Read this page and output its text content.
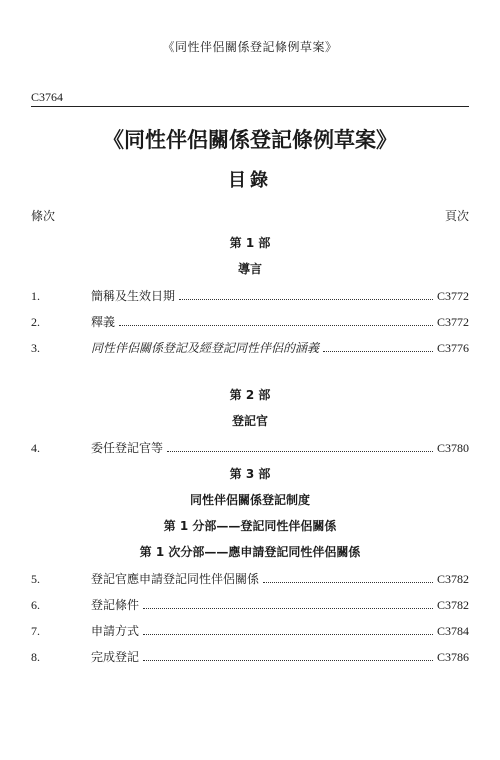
《同性伴侶關係登記條例草案》
C3764
《同性伴侶關係登記條例草案》
目錄
條次	頁次
第 1 部
導言
1.	簡稱及生效日期	C3772
2.	釋義	C3772
3.	同性伴侶關係登記及經登記同性伴侶的涵義	C3776
第 2 部
登記官
4.	委任登記官等	C3780
第 3 部
同性伴侶關係登記制度
第 1 分部——登記同性伴侶關係
第 1 次分部——應申請登記同性伴侶關係
5.	登記官應申請登記同性伴侶關係	C3782
6.	登記條件	C3782
7.	申請方式	C3784
8.	完成登記	C3786
